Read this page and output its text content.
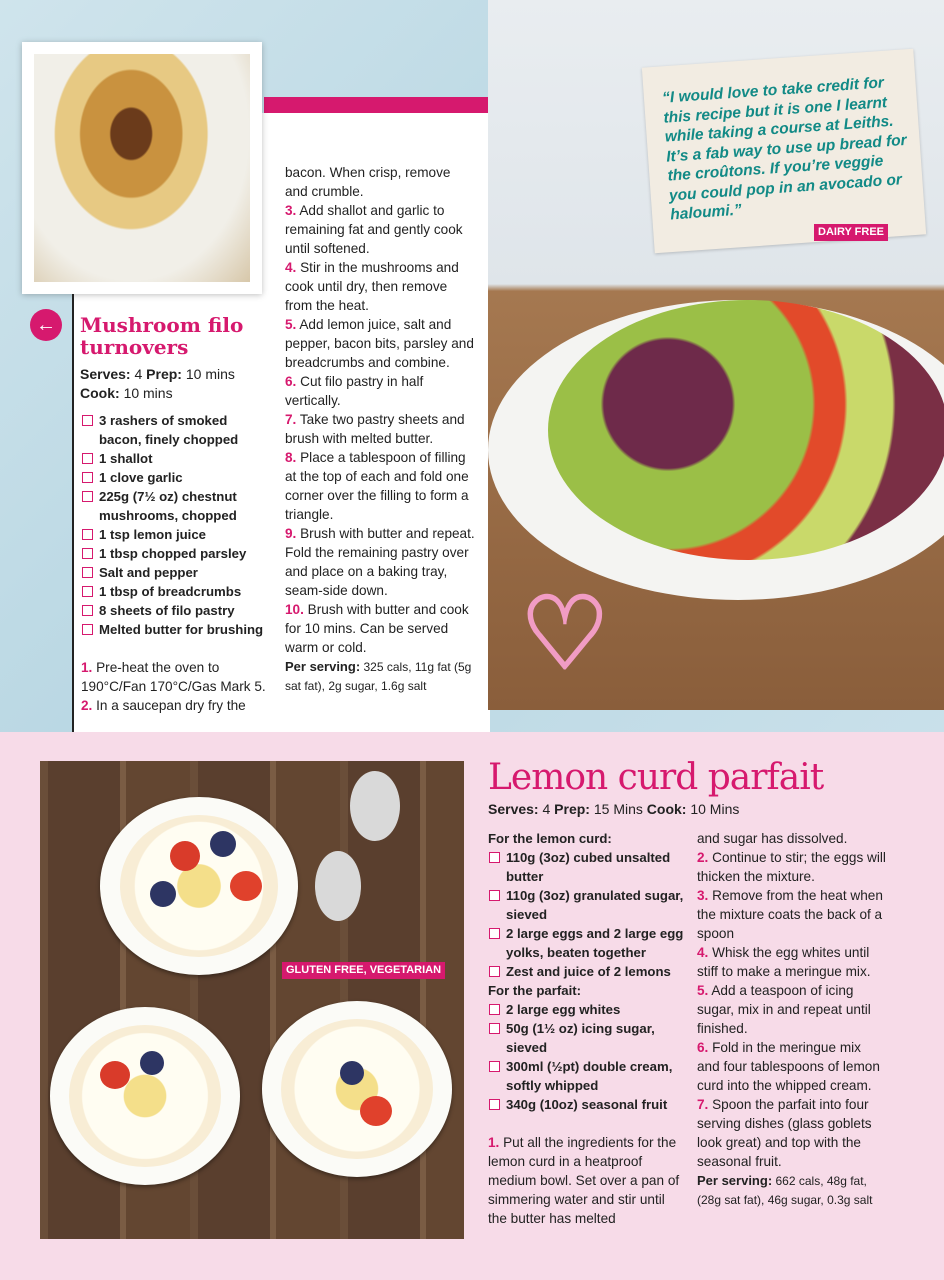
←	Mushroom filo turnovers
Serves: 4 Prep: 10 mins
Cook: 10 mins
3 rashers of smoked bacon, finely chopped
1 shallot
1 clove garlic
225g (7½ oz) chestnut mushrooms, chopped
1 tsp lemon juice
1 tbsp chopped parsley
Salt and pepper
1 tbsp of breadcrumbs
8 sheets of filo pastry
Melted butter for brushing

1. Pre-heat the oven to 190°C/Fan 170°C/Gas Mark 5.

2. In a saucepan dry fry the

bacon. When crisp, remove and crumble.

3. Add shallot and garlic to remaining fat and gently cook until softened.

4. Stir in the mushrooms and cook until dry, then remove from the heat.

5. Add lemon juice, salt and pepper, bacon bits, parsley and breadcrumbs and combine.

6. Cut filo pastry in half vertically.

7. Take two pastry sheets and brush with melted butter.

8. Place a tablespoon of filling at the top of each and fold one corner over the filling to form a triangle.

9. Brush with butter and repeat. Fold the remaining pastry over and place on a baking tray, seam-side down.

10. Brush with butter and cook for 10 mins. Can be served warm or cold.

Per serving: 325 cals, 11g fat (5g sat fat), 2g sugar, 1.6g salt ♡
“I would love to take credit for this recipe but it is one I learnt while taking a course at Leiths. It’s a fab way to use up bread for the croûtons. If you’re veggie you could pop in an avocado or haloumi.”
DAIRY FREE
GLUTEN FREE, VEGETARIAN
Lemon curd parfait
Serves: 4 Prep: 15 Mins Cook: 10 Mins
For the lemon curd:
110g (3oz) cubed unsalted butter
110g (3oz) granulated sugar, sieved
2 large eggs and 2 large egg yolks, beaten together
Zest and juice of 2 lemons
For the parfait:
2 large egg whites
50g (1½ oz) icing sugar, sieved
300ml (½pt) double cream, softly whipped
340g (10oz) seasonal fruit

1. Put all the ingredients for the lemon curd in a heatproof medium bowl. Set over a pan of simmering water and stir until the butter has melted

and sugar has dissolved.

2. Continue to stir; the eggs will thicken the mixture.

3. Remove from the heat when the mixture coats the back of a spoon

4. Whisk the egg whites until stiff to make a meringue mix.

5. Add a teaspoon of icing sugar, mix in and repeat until finished.

6. Fold in the meringue mix and four tablespoons of lemon curd into the whipped cream.

7. Spoon the parfait into four serving dishes (glass goblets look great) and top with the seasonal fruit.

Per serving: 662 cals, 48g fat, (28g sat fat), 46g sugar, 0.3g salt
